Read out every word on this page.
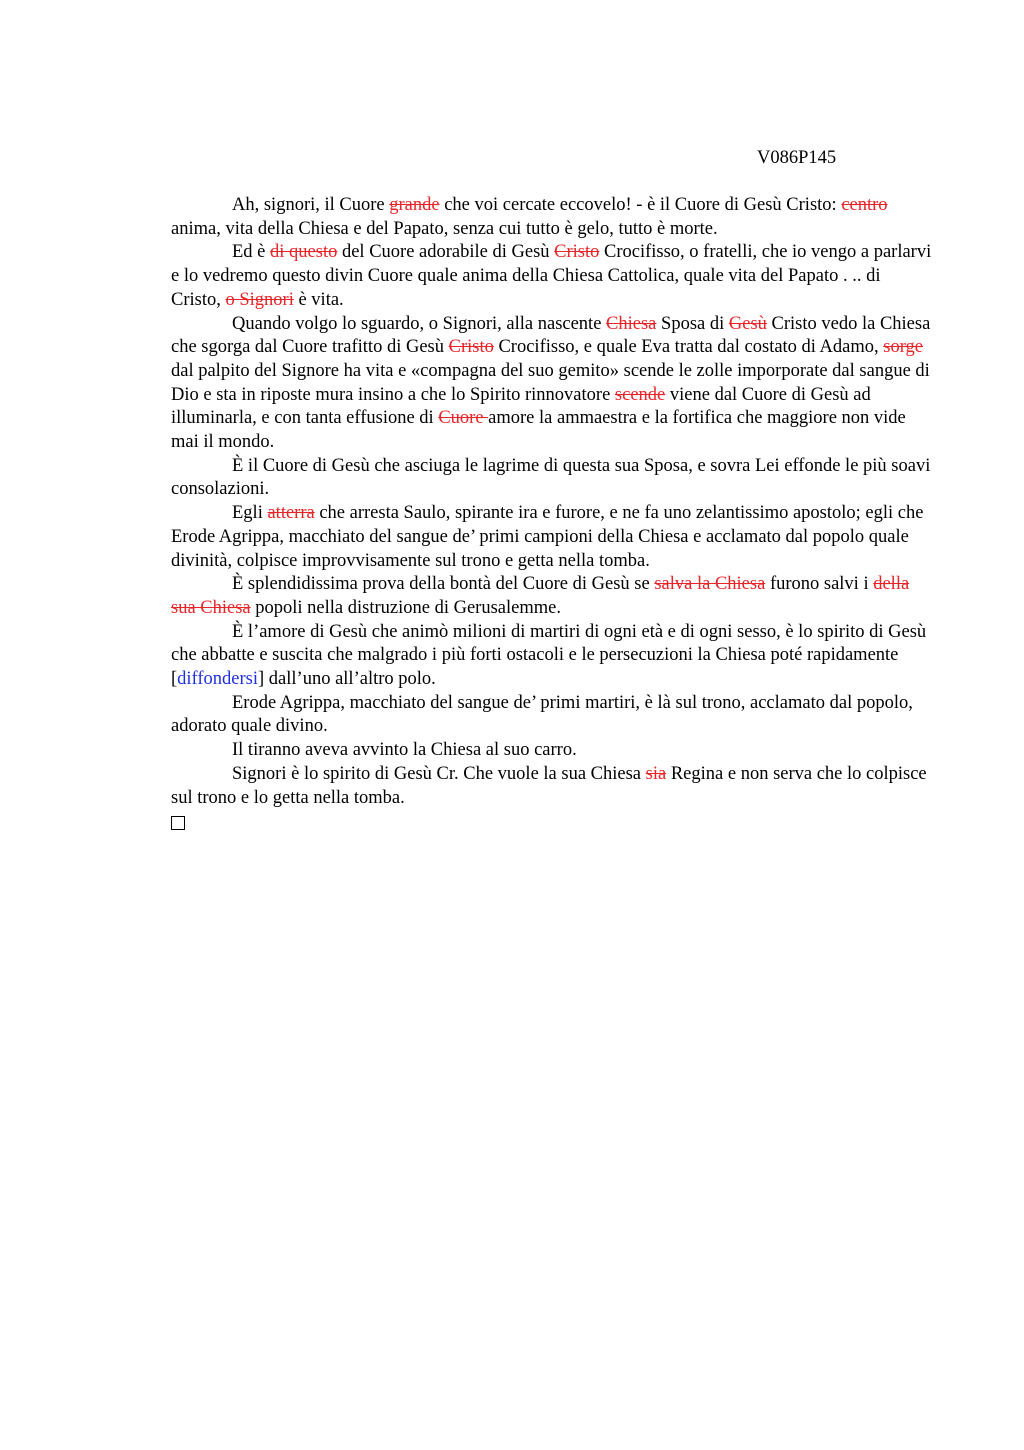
V086P145

Ah, signori, il Cuore grande che voi cercate eccovelo! - è il Cuore di Gesù Cristo: centro anima, vita della Chiesa e del Papato, senza cui tutto è gelo, tutto è morte.

Ed è di questo del Cuore adorabile di Gesù Cristo Crocifisso, o fratelli, che io vengo a parlarvi e lo vedremo questo divin Cuore quale anima della Chiesa Cattolica, quale vita del Papato . .. di Cristo, o Signori è vita.

Quando volgo lo sguardo, o Signori, alla nascente Chiesa Sposa di Gesù Cristo vedo la Chiesa che sgorga dal Cuore trafitto di Gesù Cristo Crocifisso, e quale Eva tratta dal costato di Adamo, sorge dal palpito del Signore ha vita e «compagna del suo gemito» scende le zolle imporporate dal sangue di Dio e sta in riposte mura insino a che lo Spirito rinnovatore scende viene dal Cuore di Gesù ad illuminarla, e con tanta effusione di Cuore amore la ammaestra e la fortifica che maggiore non vide mai il mondo.

È il Cuore di Gesù che asciuga le lagrime di questa sua Sposa, e sovra Lei effonde le più soavi consolazioni.

Egli atterra che arresta Saulo, spirante ira e furore, e ne fa uno zelantissimo apostolo; egli che Erode Agrippa, macchiato del sangue de’ primi campioni della Chiesa e acclamato dal popolo quale divinità, colpisce improvvisamente sul trono e getta nella tomba.

È splendidissima prova della bontà del Cuore di Gesù se salva la Chiesa furono salvi i della sua Chiesa popoli nella distruzione di Gerusalemme.

È l’amore di Gesù che animò milioni di martiri di ogni età e di ogni sesso, è lo spirito di Gesù che abbatte e suscita che malgrado i più forti ostacoli e le persecuzioni la Chiesa poté rapidamente [diffondersi] dall’uno all’altro polo.

Erode Agrippa, macchiato del sangue de’ primi martiri, è là sul trono, acclamato dal popolo, adorato quale divino.

Il tiranno aveva avvinto la Chiesa al suo carro.

Signori è lo spirito di Gesù Cr. Che vuole la sua Chiesa sia Regina e non serva che lo colpisce sul trono e lo getta nella tomba.
